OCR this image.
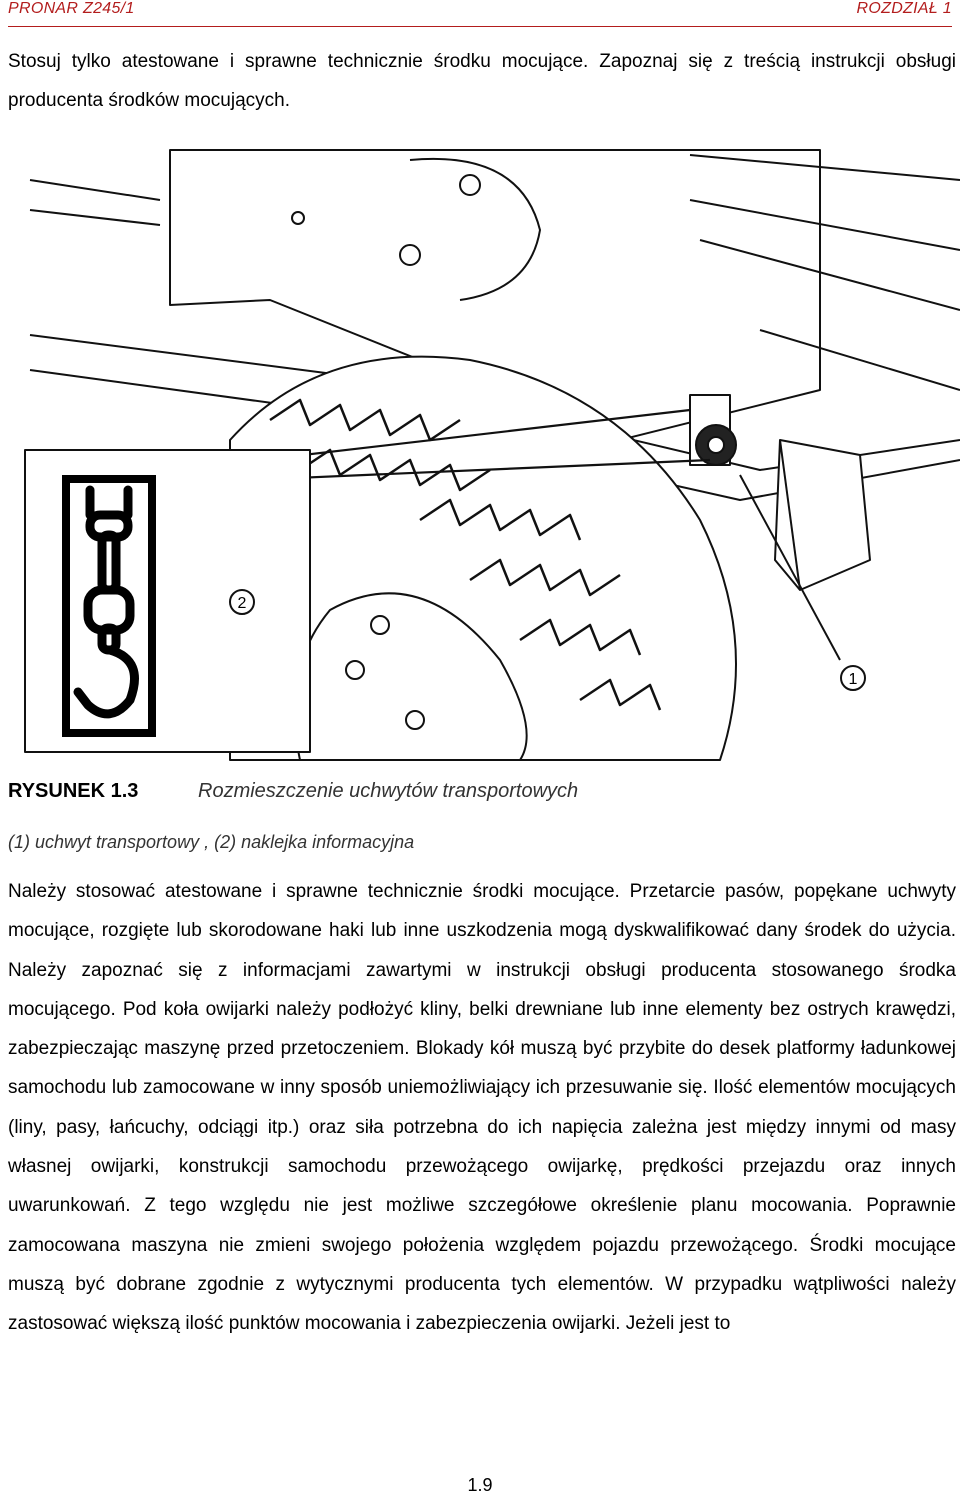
PRONAR Z245/1	ROZDZIAŁ 1

Stosuj tylko atestowane i sprawne technicznie środku mocujące. Zapoznaj się z treścią instrukcji obsługi producenta środków mocujących.

2
1
RYSUNEK 1.3	Rozmieszczenie uchwytów transportowych
(1) uchwyt transportowy , (2) naklejka informacyjna

Należy stosować atestowane i sprawne technicznie środki mocujące. Przetarcie pasów, popękane uchwyty mocujące, rozgięte lub skorodowane haki lub inne uszkodzenia mogą dyskwalifikować dany środek do użycia. Należy zapoznać się z informacjami zawartymi w instrukcji obsługi producenta stosowanego środka mocującego. Pod koła owijarki należy podłożyć kliny, belki drewniane lub inne elementy bez ostrych krawędzi, zabezpieczając maszynę przed przetoczeniem. Blokady kół muszą być przybite do desek platformy ładunkowej samochodu lub zamocowane w inny sposób uniemożliwiający ich przesuwanie się. Ilość elementów mocujących (liny, pasy, łańcuchy, odciągi itp.) oraz siła potrzebna do ich napięcia zależna jest między innymi od masy własnej owijarki, konstrukcji samochodu przewożącego owijarkę, prędkości przejazdu oraz innych uwarunkowań. Z tego względu nie jest możliwe szczegółowe określenie planu mocowania. Poprawnie zamocowana maszyna nie zmieni swojego położenia względem pojazdu przewożącego. Środki mocujące muszą być dobrane zgodnie z wytycznymi producenta tych elementów. W przypadku wątpliwości należy zastosować większą ilość punktów mocowania i zabezpieczenia owijarki. Jeżeli jest to

1.9
